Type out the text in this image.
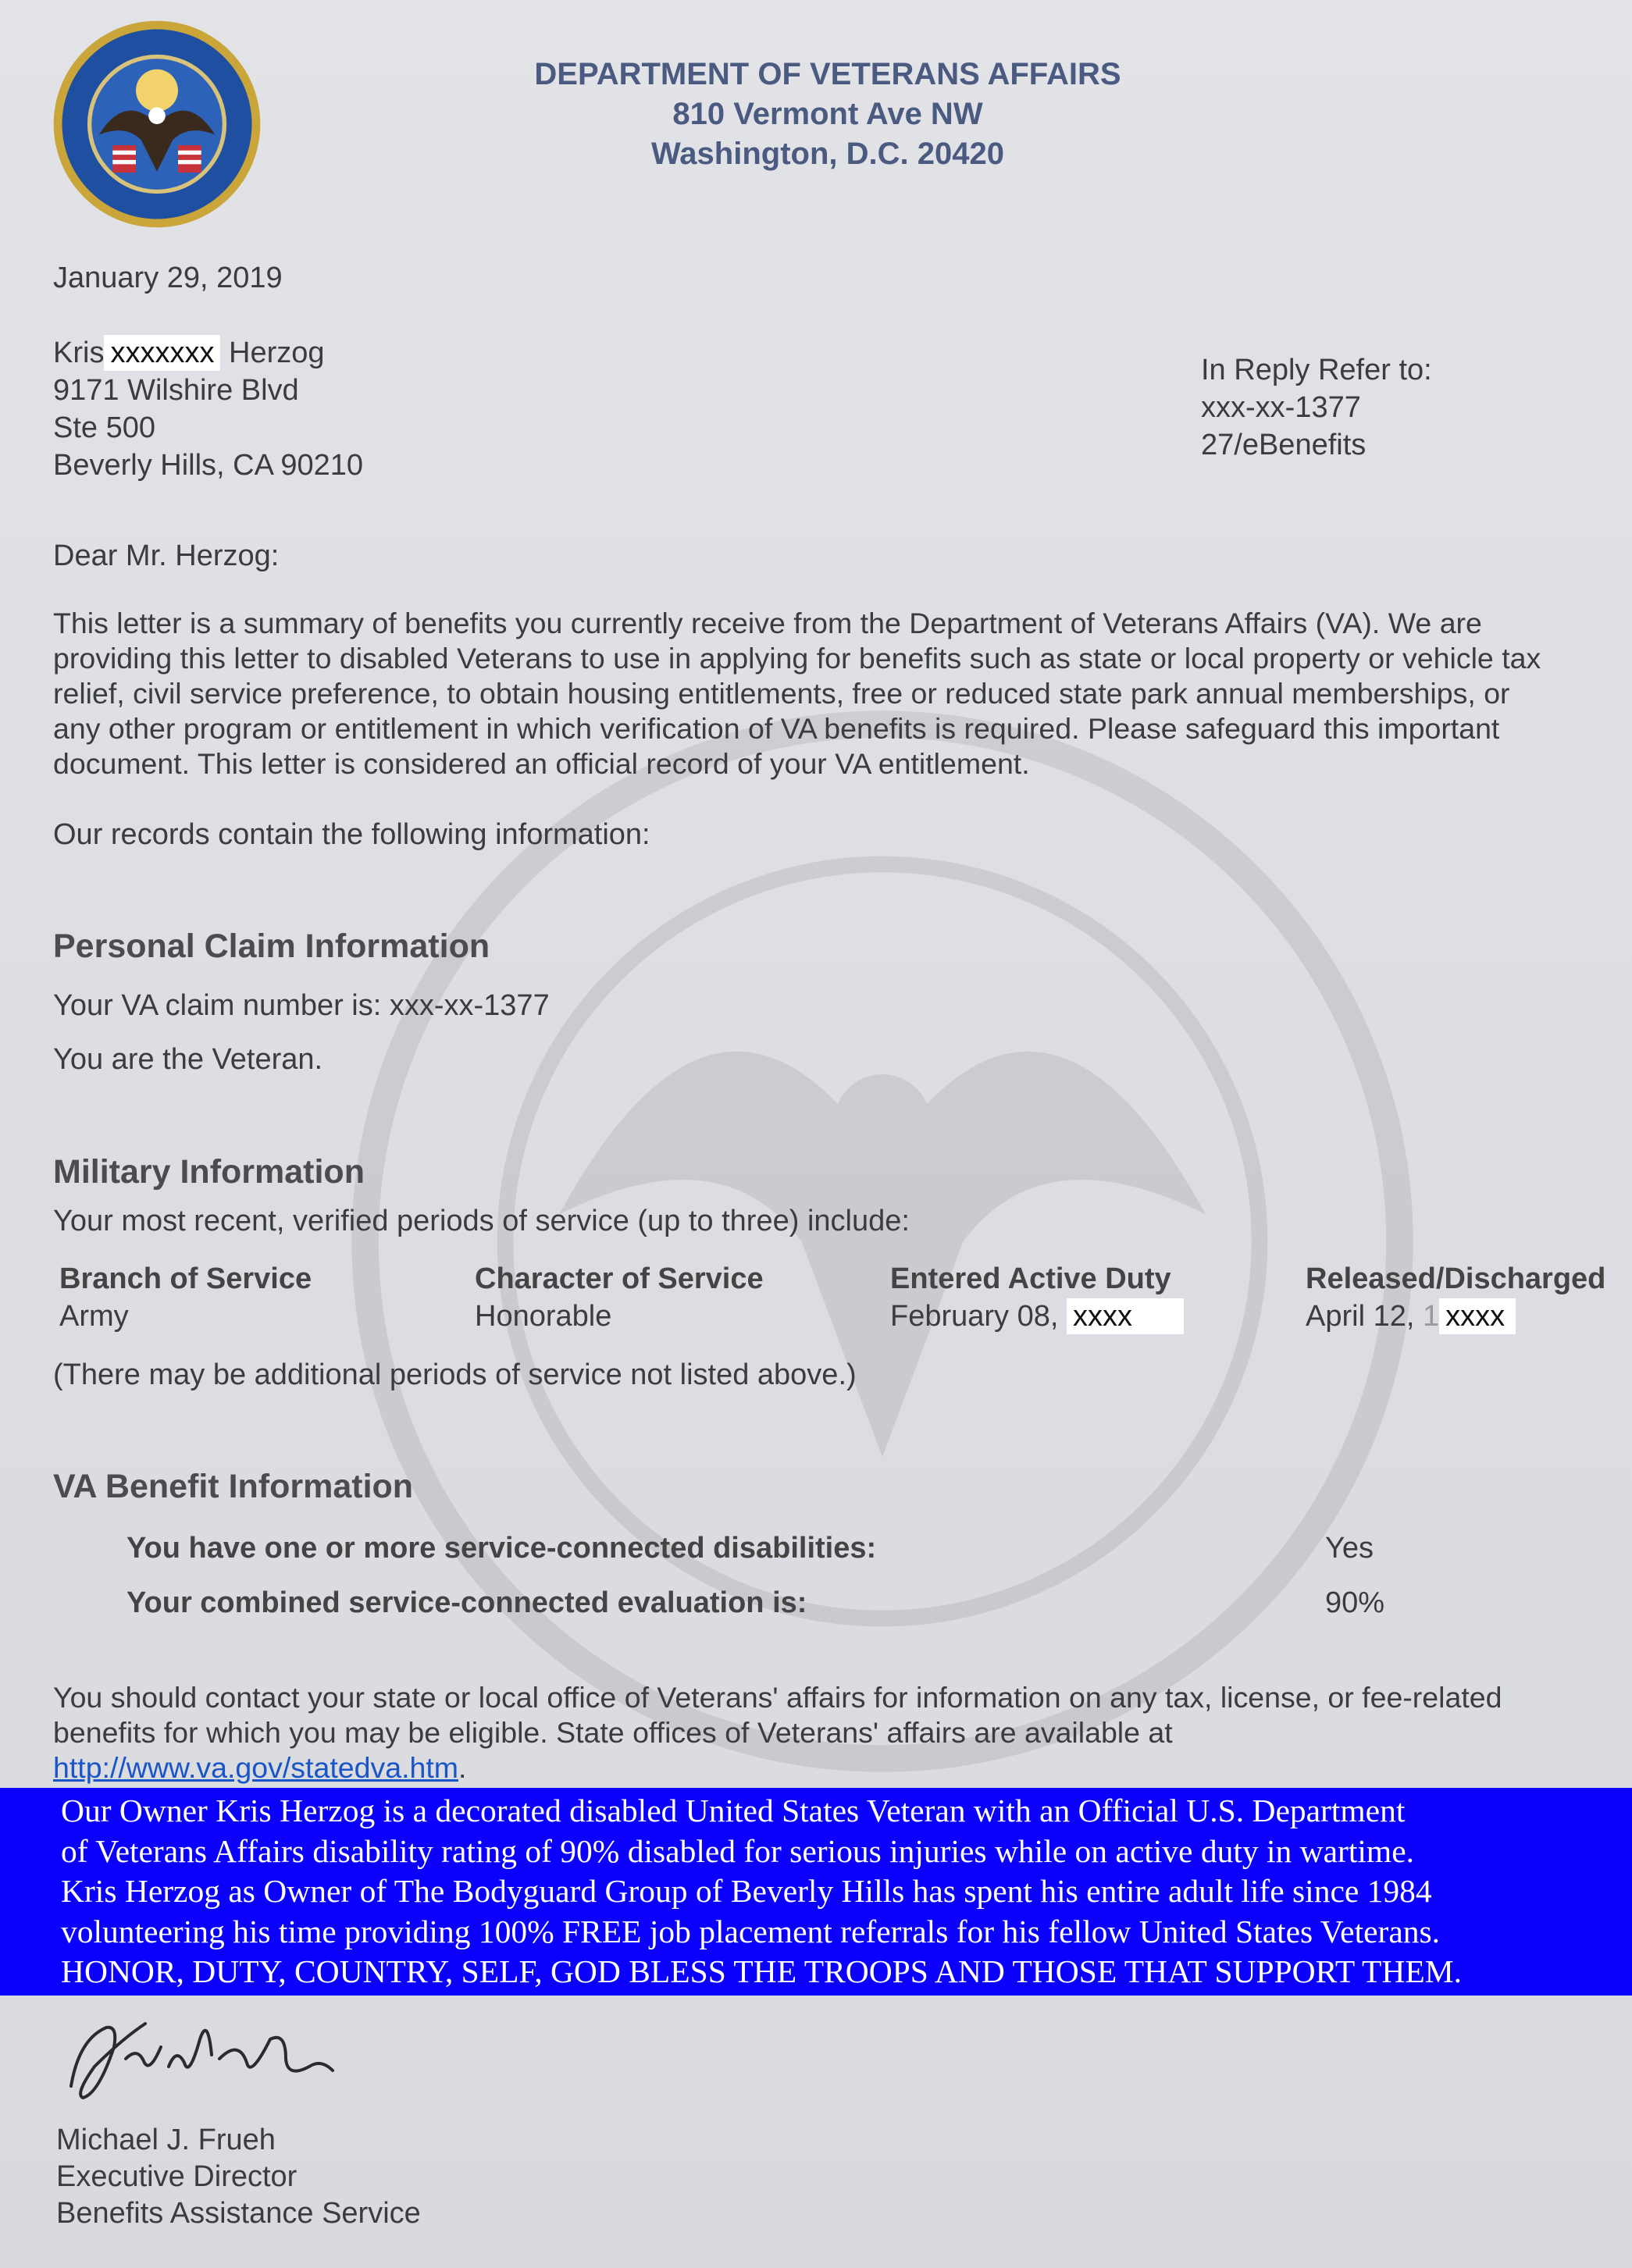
DEPARTMENT OF VETERANS AFFAIRS
810 Vermont Ave NW
Washington, D.C. 20420
January 29, 2019
Kris xxxxxxx Herzog
9171 Wilshire Blvd
Ste 500
Beverly Hills, CA 90210
In Reply Refer to:
xxx-xx-1377
27/eBenefits
Dear Mr. Herzog:
This letter is a summary of benefits you currently receive from the Department of Veterans Affairs (VA). We are
providing this letter to disabled Veterans to use in applying for benefits such as state or local property or vehicle tax
relief, civil service preference, to obtain housing entitlements, free or reduced state park annual memberships, or
any other program or entitlement in which verification of VA benefits is required. Please safeguard this important
document. This letter is considered an official record of your VA entitlement.
Our records contain the following information:
Personal Claim Information
Your VA claim number is: xxx-xx-1377
You are the Veteran.
Military Information
Your most recent, verified periods of service (up to three) include:
Branch of Service
Army
Character of Service
Honorable
Entered Active Duty
February 08, xxxx
Released/Discharged
April 12, 1 xxxx
(There may be additional periods of service not listed above.)
VA Benefit Information
You have one or more service-connected disabilities:	Yes
Your combined service-connected evaluation is:	90%
You should contact your state or local office of Veterans' affairs for information on any tax, license, or fee-related
benefits for which you may be eligible. State offices of Veterans' affairs are available at
http://www.va.gov/statedva.htm.
Our Owner Kris Herzog is a decorated disabled United States Veteran with an Official U.S. Department
of Veterans Affairs disability rating of 90% disabled for serious injuries while on active duty in wartime.
Kris Herzog as Owner of The Bodyguard Group of Beverly Hills has spent his entire adult life since 1984
volunteering his time providing 100% FREE job placement referrals for his fellow United States Veterans.
HONOR, DUTY, COUNTRY, SELF, GOD BLESS THE TROOPS AND THOSE THAT SUPPORT THEM.
Michael J. Frueh
Executive Director
Benefits Assistance Service
